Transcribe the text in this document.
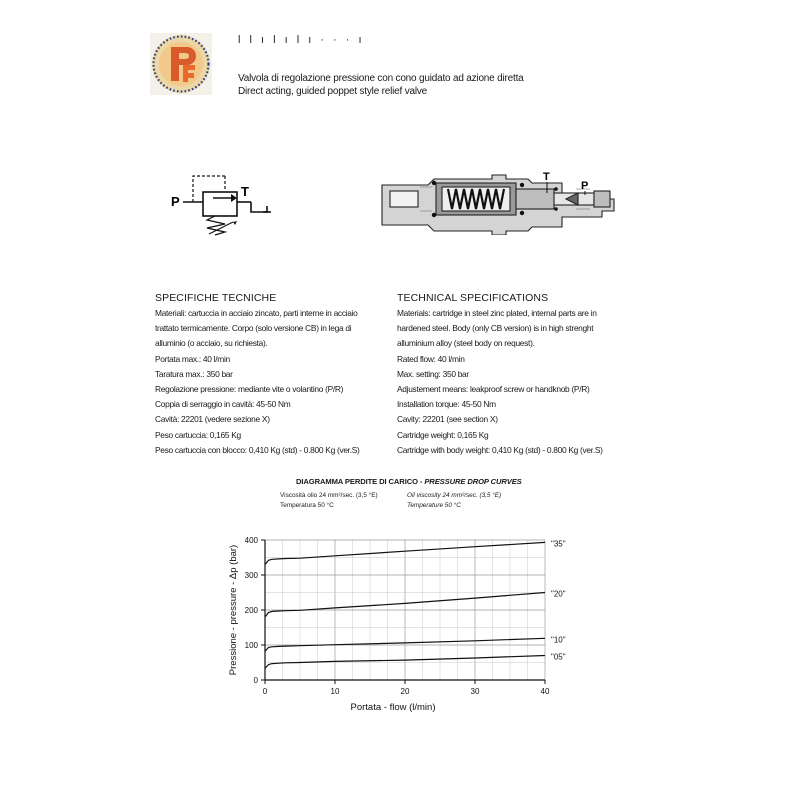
l l ı l ı l ı · · · ı
Valvola di regolazione pressione con cono guidato ad azione diretta
Direct acting, guided poppet style relief valve
P
T
T
P
SPECIFICHE TECNICHE
Materiali: cartuccia in acciaio zincato, parti interne in acciaio
trattato termicamente. Corpo (solo versione CB) in lega di
alluminio (o acciaio, su richiesta).
Portata max.: 40 l/min
Taratura max.: 350 bar
Regolazione pressione: mediante vite o volantino (P/R)
Coppia di serraggio in cavità: 45-50 Nm
Cavità: 22201 (vedere sezione X)
Peso cartuccia: 0,165 Kg
Peso cartuccia con blocco: 0,410 Kg (std) - 0.800 Kg (ver.S)
TECHNICAL SPECIFICATIONS
Materials: cartridge in steel zinc plated, internal parts are in
hardened steel. Body (only CB version) is in high strenght
alluminium alloy (steel body on request).
Rated flow: 40 l/min
Max. setting: 350 bar
Adjustement means: leakproof screw or handknob (P/R)
Installation torque: 45-50 Nm
Cavity: 22201 (see section X)
Cartridge weight: 0,165 Kg
Cartridge with body weight: 0,410 Kg (std) - 0.800 Kg (ver.S)
DIAGRAMMA PERDITE DI CARICO - PRESSURE DROP CURVES
Viscosità olio 24 mm²/sec. (3,5 °E)
Temperatura 50 °C
Oil viscosity 24 mm²/sec. (3,5 °E)
Temperature 50 °C
0	10	20	30	40
0
100
200
300
400
Portata - flow (l/min)
Pressione - pressure - Δp (bar)
"35"
"20"
"10"
"05"
